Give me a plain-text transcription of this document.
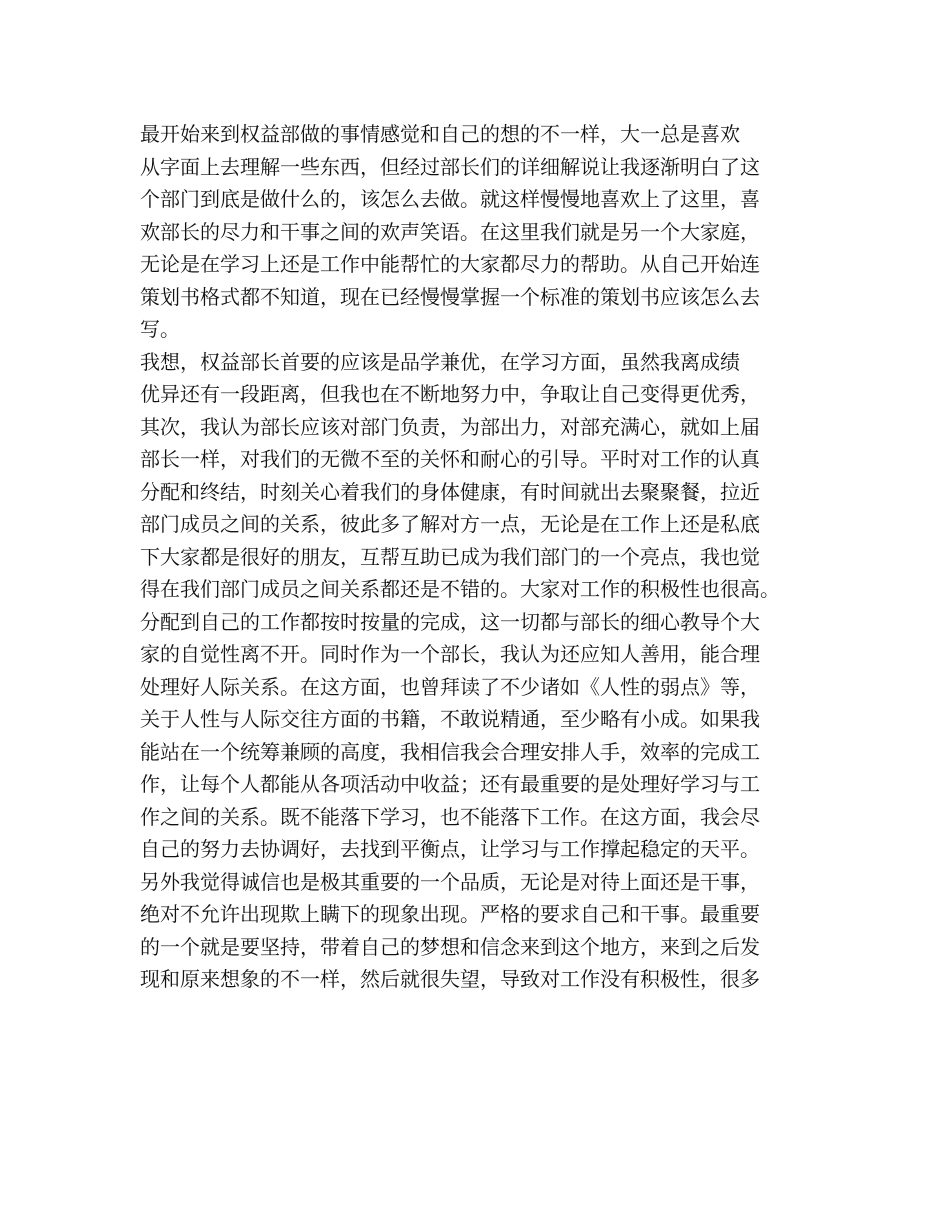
最开始来到权益部做的事情感觉和自己的想的不一样，大一总是喜欢
从字面上去理解一些东西，但经过部长们的详细解说让我逐渐明白了这
个部门到底是做什么的，该怎么去做。就这样慢慢地喜欢上了这里，喜
欢部长的尽力和干事之间的欢声笑语。在这里我们就是另一个大家庭，
无论是在学习上还是工作中能帮忙的大家都尽力的帮助。从自己开始连
策划书格式都不知道，现在已经慢慢掌握一个标准的策划书应该怎么去
写。
我想，权益部长首要的应该是品学兼优，在学习方面，虽然我离成绩
优异还有一段距离，但我也在不断地努力中，争取让自己变得更优秀，
其次，我认为部长应该对部门负责，为部出力，对部充满心，就如上届
部长一样，对我们的无微不至的关怀和耐心的引导。平时对工作的认真
分配和终结，时刻关心着我们的身体健康，有时间就出去聚聚餐，拉近
部门成员之间的关系，彼此多了解对方一点，无论是在工作上还是私底
下大家都是很好的朋友，互帮互助已成为我们部门的一个亮点，我也觉
得在我们部门成员之间关系都还是不错的。大家对工作的积极性也很高。
分配到自己的工作都按时按量的完成，这一切都与部长的细心教导个大
家的自觉性离不开。同时作为一个部长，我认为还应知人善用，能合理
处理好人际关系。在这方面，也曾拜读了不少诸如《人性的弱点》等，
关于人性与人际交往方面的书籍，不敢说精通，至少略有小成。如果我
能站在一个统筹兼顾的高度，我相信我会合理安排人手，效率的完成工
作，让每个人都能从各项活动中收益；还有最重要的是处理好学习与工
作之间的关系。既不能落下学习，也不能落下工作。在这方面，我会尽
自己的努力去协调好，去找到平衡点，让学习与工作撑起稳定的天平。
另外我觉得诚信也是极其重要的一个品质，无论是对待上面还是干事，
绝对不允许出现欺上瞒下的现象出现。严格的要求自己和干事。最重要
的一个就是要坚持，带着自己的梦想和信念来到这个地方，来到之后发
现和原来想象的不一样，然后就很失望，导致对工作没有积极性，很多
